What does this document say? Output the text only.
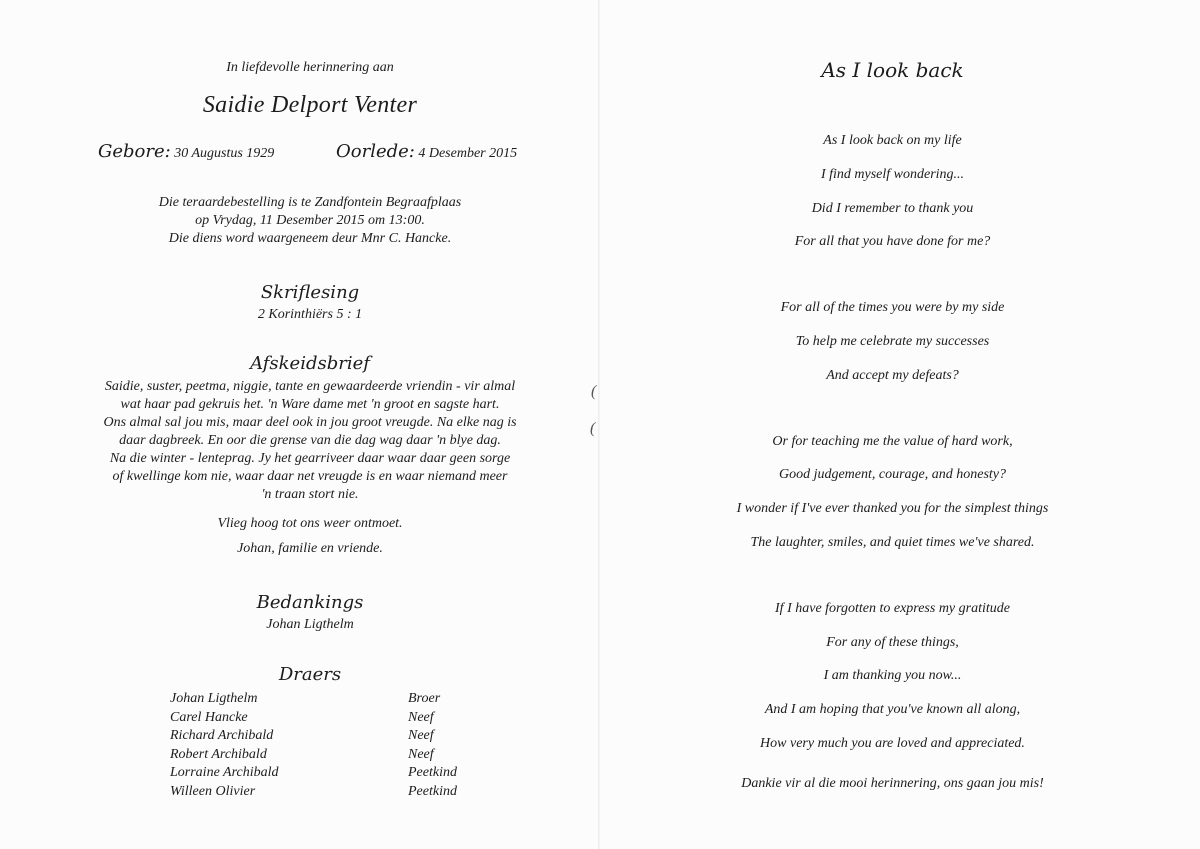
(
(
In liefdevolle herinnering aan
Saidie Delport Venter
Gebore: 30 Augustus 1929	Oorlede: 4 Desember 2015
Die teraardebestelling is te Zandfontein Begraafplaas
op Vrydag, 11 Desember 2015 om 13:00.
Die diens word waargeneem deur Mnr C. Hancke.
Skriflesing
2 Korinthiërs 5 : 1
Afskeidsbrief
Saidie, suster, peetma, niggie, tante en gewaardeerde vriendin - vir almal
wat haar pad gekruis het. 'n Ware dame met 'n groot en sagste hart.
Ons almal sal jou mis, maar deel ook in jou groot vreugde. Na elke nag is
daar dagbreek. En oor die grense van die dag wag daar 'n blye dag.
Na die winter - lenteprag. Jy het gearriveer daar waar daar geen sorge
of kwellinge kom nie, waar daar net vreugde is en waar niemand meer
'n traan stort nie.
Vlieg hoog tot ons weer ontmoet.
Johan, familie en vriende.
Bedankings
Johan Ligthelm
Draers
Johan Ligthelm	Broer
Carel Hancke	Neef
Richard Archibald	Neef
Robert Archibald	Neef
Lorraine Archibald	Peetkind
Willeen Olivier	Peetkind
As I look back
As I look back on my life
I find myself wondering...
Did I remember to thank you
For all that you have done for me?
For all of the times you were by my side
To help me celebrate my successes
And accept my defeats?
Or for teaching me the value of hard work,
Good judgement, courage, and honesty?
I wonder if I've ever thanked you for the simplest things
The laughter, smiles, and quiet times we've shared.
If I have forgotten to express my gratitude
For any of these things,
I am thanking you now...
And I am hoping that you've known all along,
How very much you are loved and appreciated.
Dankie vir al die mooi herinnering, ons gaan jou mis!
